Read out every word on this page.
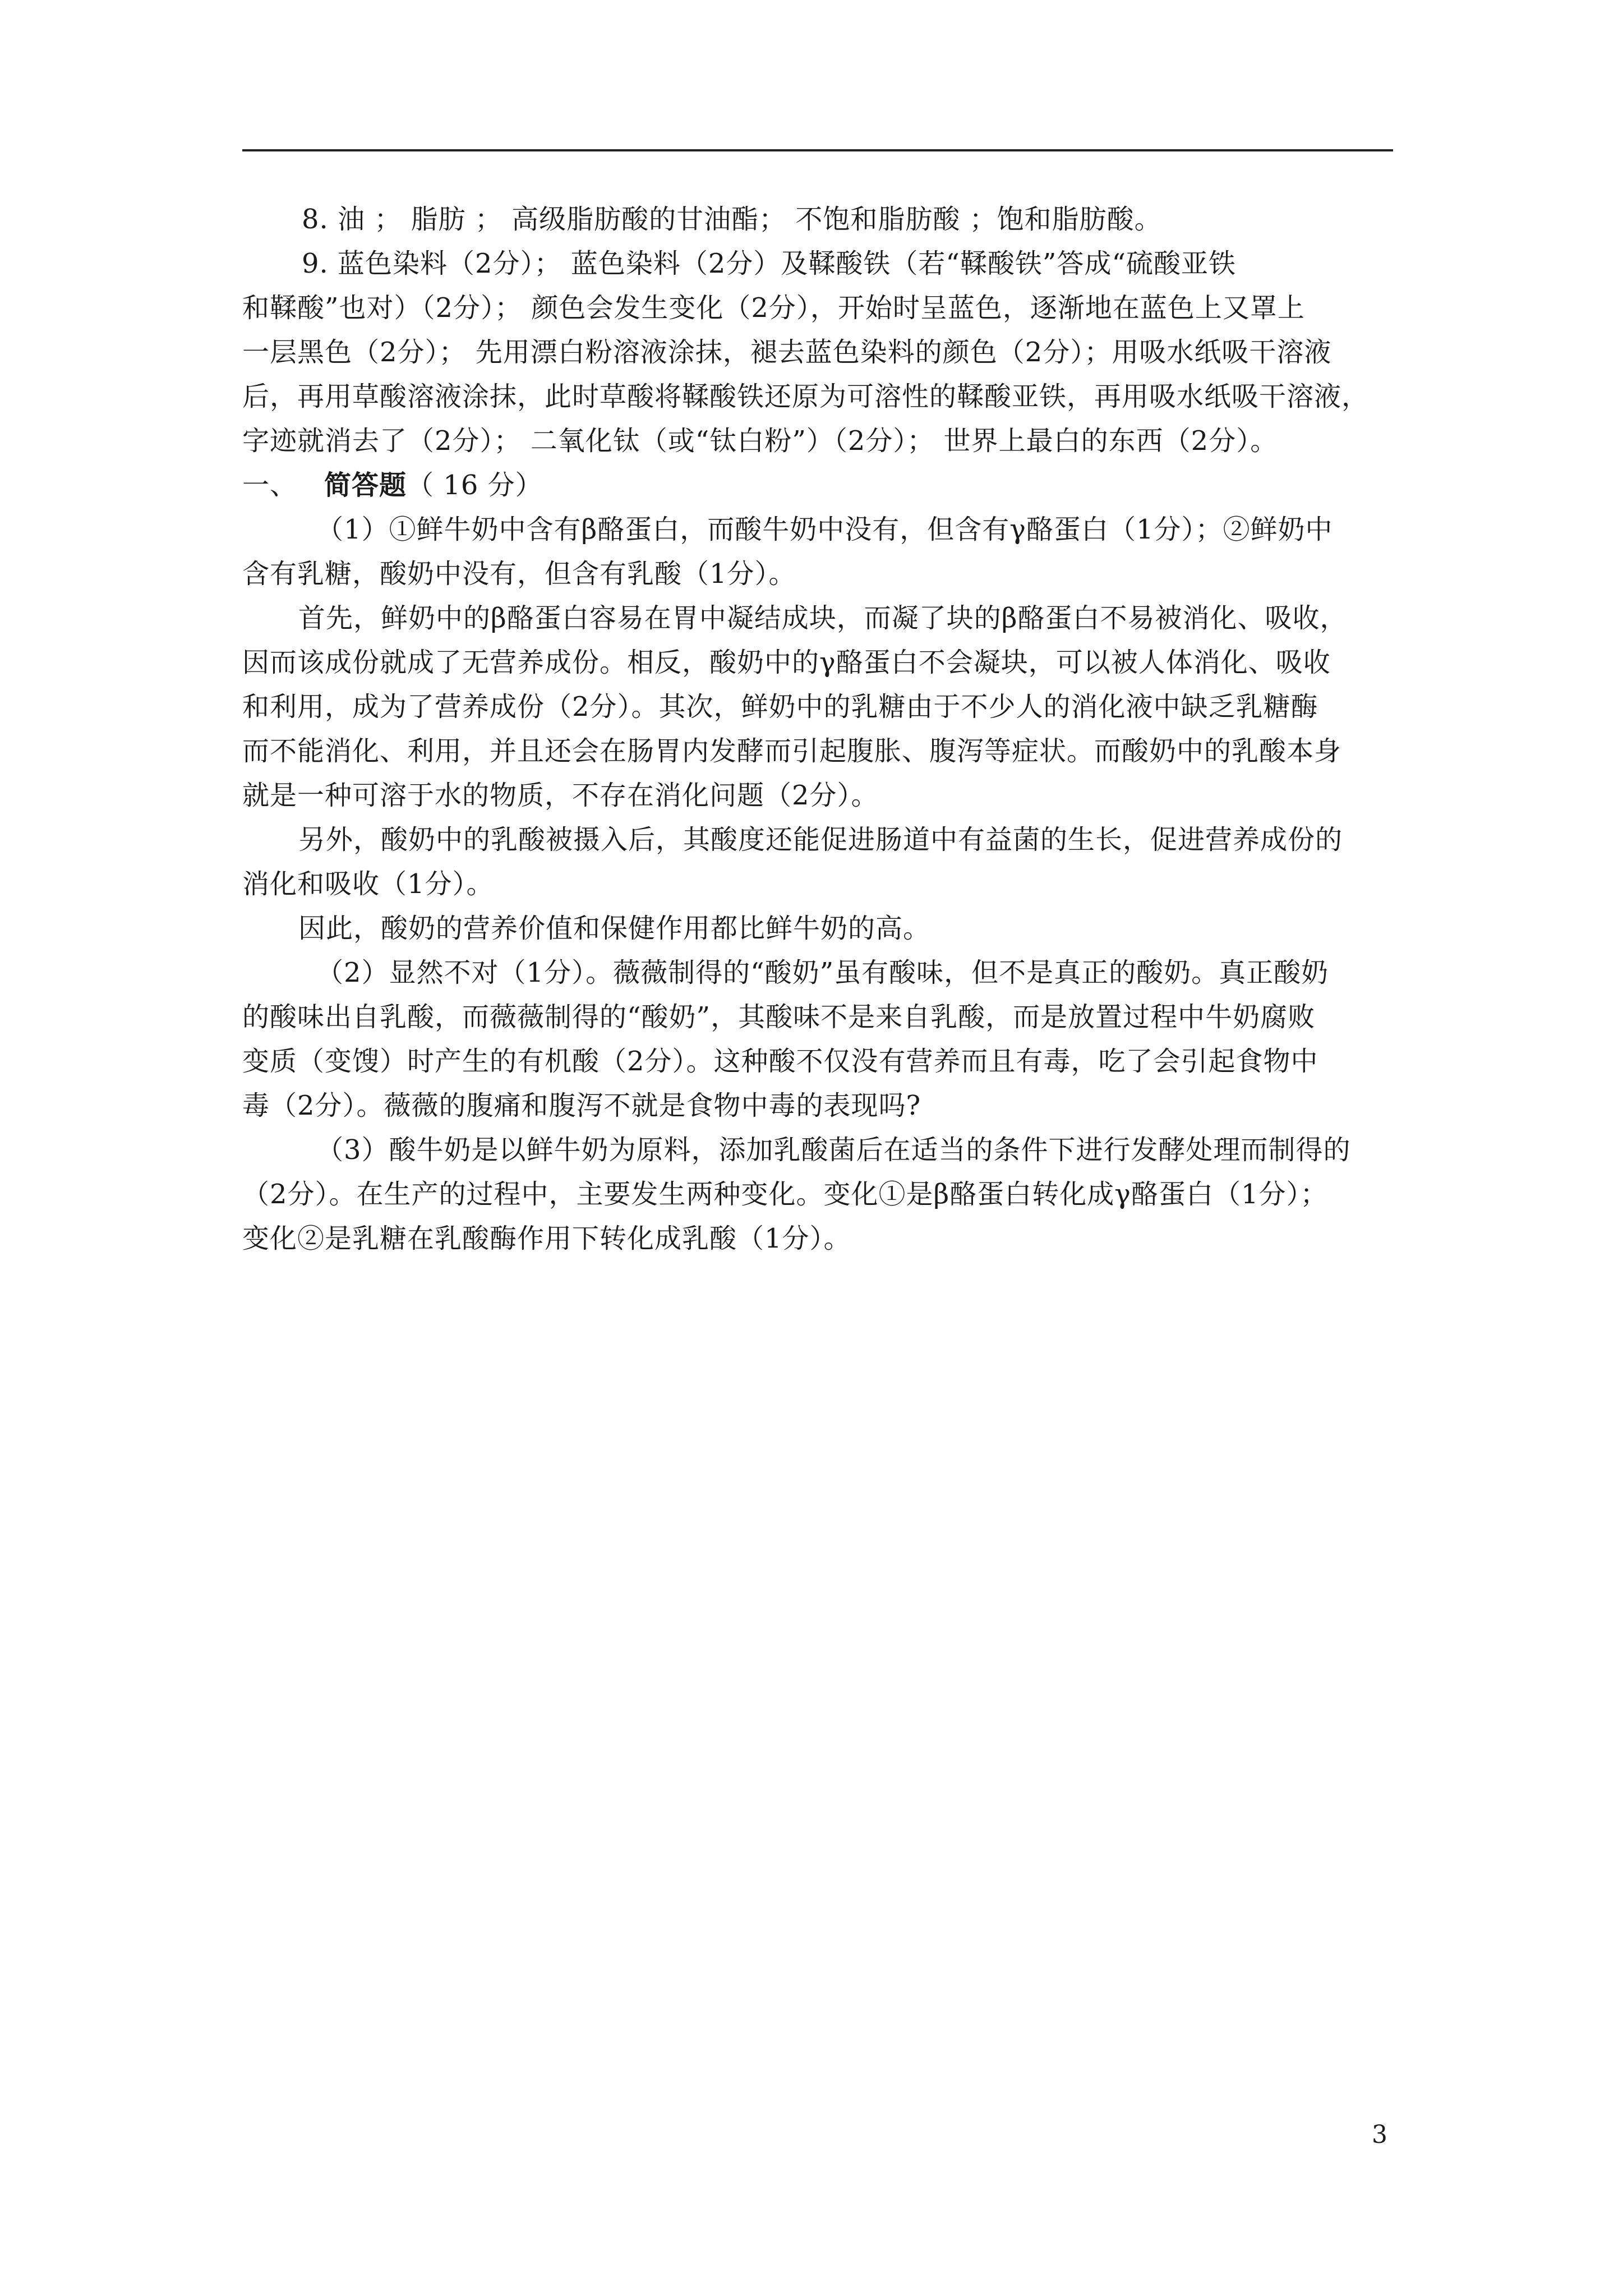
8. 油 ； 脂肪 ； 高级脂肪酸的甘油酯； 不饱和脂肪酸 ；饱和脂肪酸。

9. 蓝色染料（2分）； 蓝色染料（2分）及鞣酸铁（若“鞣酸铁”答成“硫酸亚铁

和鞣酸”也对）（2分）； 颜色会发生变化（2分），开始时呈蓝色，逐渐地在蓝色上又罩上

一层黑色（2分）； 先用漂白粉溶液涂抹，褪去蓝色染料的颜色（2分）；用吸水纸吸干溶液

后，再用草酸溶液涂抹，此时草酸将鞣酸铁还原为可溶性的鞣酸亚铁，再用吸水纸吸干溶液，

字迹就消去了（2分）； 二氧化钛（或“钛白粉”）（2分）； 世界上最白的东西（2分）。

一、 简答题（ 16 分）

（1）①鲜牛奶中含有β酪蛋白，而酸牛奶中没有，但含有γ酪蛋白（1分）；②鲜奶中

含有乳糖，酸奶中没有，但含有乳酸（1分）。

首先，鲜奶中的β酪蛋白容易在胃中凝结成块，而凝了块的β酪蛋白不易被消化、吸收，

因而该成份就成了无营养成份。相反，酸奶中的γ酪蛋白不会凝块，可以被人体消化、吸收

和利用，成为了营养成份（2分）。其次，鲜奶中的乳糖由于不少人的消化液中缺乏乳糖酶

而不能消化、利用，并且还会在肠胃内发酵而引起腹胀、腹泻等症状。而酸奶中的乳酸本身

就是一种可溶于水的物质，不存在消化问题（2分）。

另外，酸奶中的乳酸被摄入后，其酸度还能促进肠道中有益菌的生长，促进营养成份的

消化和吸收（1分）。

因此，酸奶的营养价值和保健作用都比鲜牛奶的高。

（2）显然不对（1分）。薇薇制得的“酸奶”虽有酸味，但不是真正的酸奶。真正酸奶

的酸味出自乳酸，而薇薇制得的“酸奶”，其酸味不是来自乳酸，而是放置过程中牛奶腐败

变质（变馊）时产生的有机酸（2分）。这种酸不仅没有营养而且有毒，吃了会引起食物中

毒（2分）。薇薇的腹痛和腹泻不就是食物中毒的表现吗?

（3）酸牛奶是以鲜牛奶为原料，添加乳酸菌后在适当的条件下进行发酵处理而制得的

（2分）。在生产的过程中，主要发生两种变化。变化①是β酪蛋白转化成γ酪蛋白（1分）；

变化②是乳糖在乳酸酶作用下转化成乳酸（1分）。

3
